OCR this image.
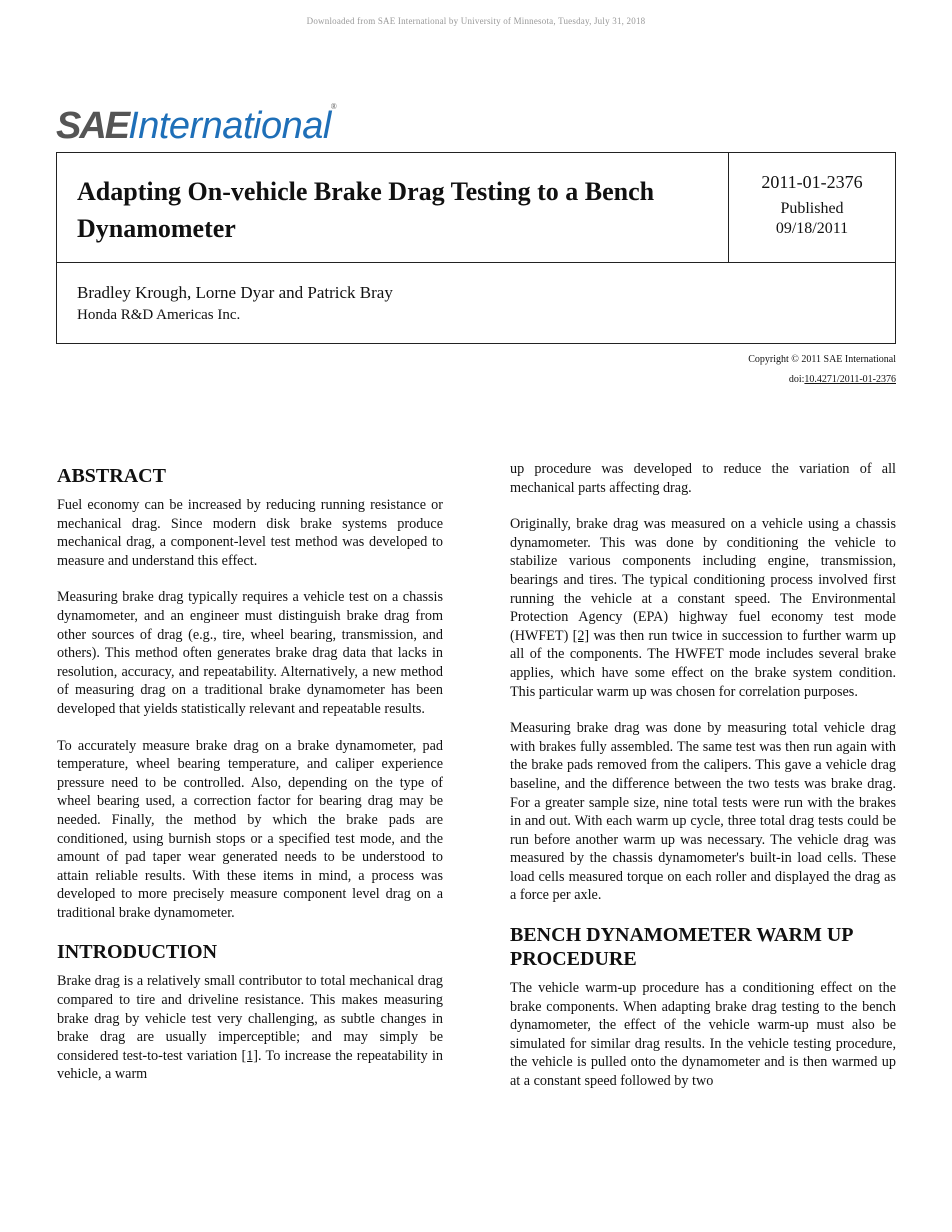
Downloaded from SAE International by University of Minnesota, Tuesday, July 31, 2018
SAE International ®
Adapting On-vehicle Brake Drag Testing to a Bench Dynamometer
2011-01-2376
Published
09/18/2011
Bradley Krough, Lorne Dyar and Patrick Bray
Honda R&D Americas Inc.
Copyright © 2011 SAE International
doi:10.4271/2011-01-2376
ABSTRACT

Fuel economy can be increased by reducing running resistance or mechanical drag. Since modern disk brake systems produce mechanical drag, a component-level test method was developed to measure and understand this effect.

Measuring brake drag typically requires a vehicle test on a chassis dynamometer, and an engineer must distinguish brake drag from other sources of drag (e.g., tire, wheel bearing, transmission, and others). This method often generates brake drag data that lacks in resolution, accuracy, and repeatability. Alternatively, a new method of measuring drag on a traditional brake dynamometer has been developed that yields statistically relevant and repeatable results.

To accurately measure brake drag on a brake dynamometer, pad temperature, wheel bearing temperature, and caliper experience pressure need to be controlled. Also, depending on the type of wheel bearing used, a correction factor for bearing drag may be needed. Finally, the method by which the brake pads are conditioned, using burnish stops or a specified test mode, and the amount of pad taper wear generated needs to be understood to attain reliable results. With these items in mind, a process was developed to more precisely measure component level drag on a traditional brake dynamometer.

INTRODUCTION

Brake drag is a relatively small contributor to total mechanical drag compared to tire and driveline resistance. This makes measuring brake drag by vehicle test very challenging, as subtle changes in brake drag are usually imperceptible; and may simply be considered test-to-test variation [1]. To increase the repeatability in vehicle, a warm

up procedure was developed to reduce the variation of all mechanical parts affecting drag.

Originally, brake drag was measured on a vehicle using a chassis dynamometer. This was done by conditioning the vehicle to stabilize various components including engine, transmission, bearings and tires. The typical conditioning process involved first running the vehicle at a constant speed. The Environmental Protection Agency (EPA) highway fuel economy test mode (HWFET) [2] was then run twice in succession to further warm up all of the components. The HWFET mode includes several brake applies, which have some effect on the brake system condition. This particular warm up was chosen for correlation purposes.

Measuring brake drag was done by measuring total vehicle drag with brakes fully assembled. The same test was then run again with the brake pads removed from the calipers. This gave a vehicle drag baseline, and the difference between the two tests was brake drag. For a greater sample size, nine total tests were run with the brakes in and out. With each warm up cycle, three total drag tests could be run before another warm up was necessary. The vehicle drag was measured by the chassis dynamometer's built-in load cells. These load cells measured torque on each roller and displayed the drag as a force per axle.

BENCH DYNAMOMETER WARM UP PROCEDURE

The vehicle warm-up procedure has a conditioning effect on the brake components. When adapting brake drag testing to the bench dynamometer, the effect of the vehicle warm-up must also be simulated for similar drag results. In the vehicle testing procedure, the vehicle is pulled onto the dynamometer and is then warmed up at a constant speed followed by two
